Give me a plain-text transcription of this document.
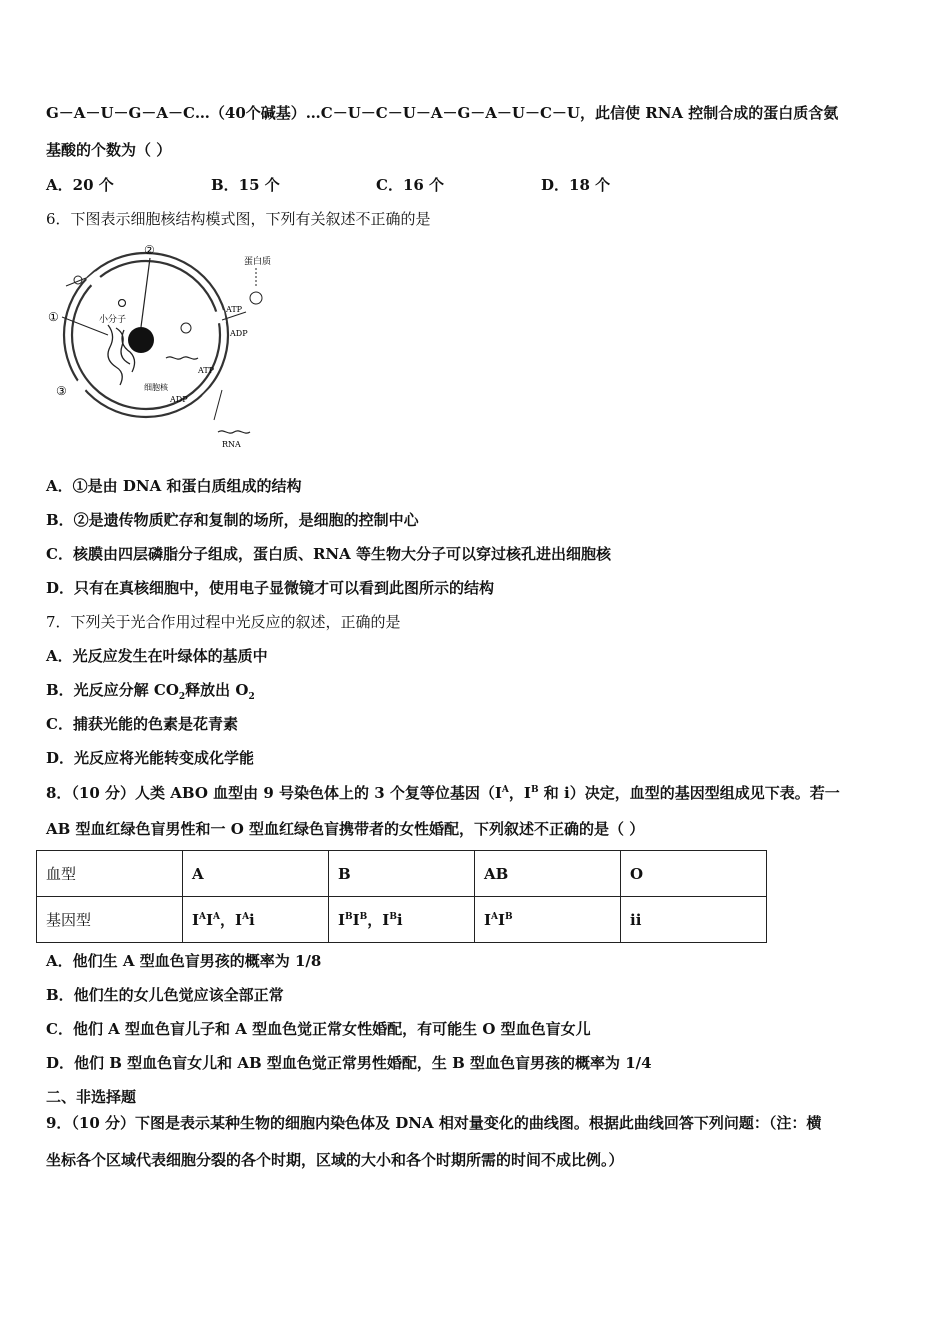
G－A－U－G－A－C…（40个碱基）…C－U－C－U－A－G－A－U－C－U，此信使 RNA 控制合成的蛋白质含氨
基酸的个数为（ ）
A．20 个	B．15 个	C．16 个	D．18 个
6．下图表示细胞核结构模式图，下列有关叙述不正确的是
蛋白质
ATP
ADP
小分子
细胞核
ATP
ADP
RNA
①
②
③
A．①是由 DNA 和蛋白质组成的结构
B．②是遗传物质贮存和复制的场所，是细胞的控制中心
C．核膜由四层磷脂分子组成，蛋白质、RNA 等生物大分子可以穿过核孔进出细胞核
D．只有在真核细胞中，使用电子显微镜才可以看到此图所示的结构
7．下列关于光合作用过程中光反应的叙述，正确的是
A．光反应发生在叶绿体的基质中
B．光反应分解 $CO_2$释放出 $O_2$
C．捕获光能的色素是花青素
D．光反应将光能转变成化学能
8．（10 分）人类 ABO 血型由 9 号染色体上的 3 个复等位基因（$I^A$，$I^B$ 和 i）决定，血型的基因型组成见下表。若一
AB 型血红绿色盲男性和一 O 型血红绿色盲携带者的女性婚配，下列叙述不正确的是（ ）
血型	A	B	AB	O
基因型	$I^AI^A$，$I^Ai$	$I^BI^B$，$I^Bi$	$I^AI^B$	ii
A．他们生 A 型血色盲男孩的概率为 1/8
B．他们生的女儿色觉应该全部正常
C．他们 A 型血色盲儿子和 A 型血色觉正常女性婚配，有可能生 O 型血色盲女儿
D．他们 B 型血色盲女儿和 AB 型血色觉正常男性婚配，生 B 型血色盲男孩的概率为 1/4
二、非选择题
9．（10 分）下图是表示某种生物的细胞内染色体及 DNA 相对量变化的曲线图。根据此曲线回答下列问题：（注：横
坐标各个区域代表细胞分裂的各个时期，区域的大小和各个时期所需的时间不成比例。）
